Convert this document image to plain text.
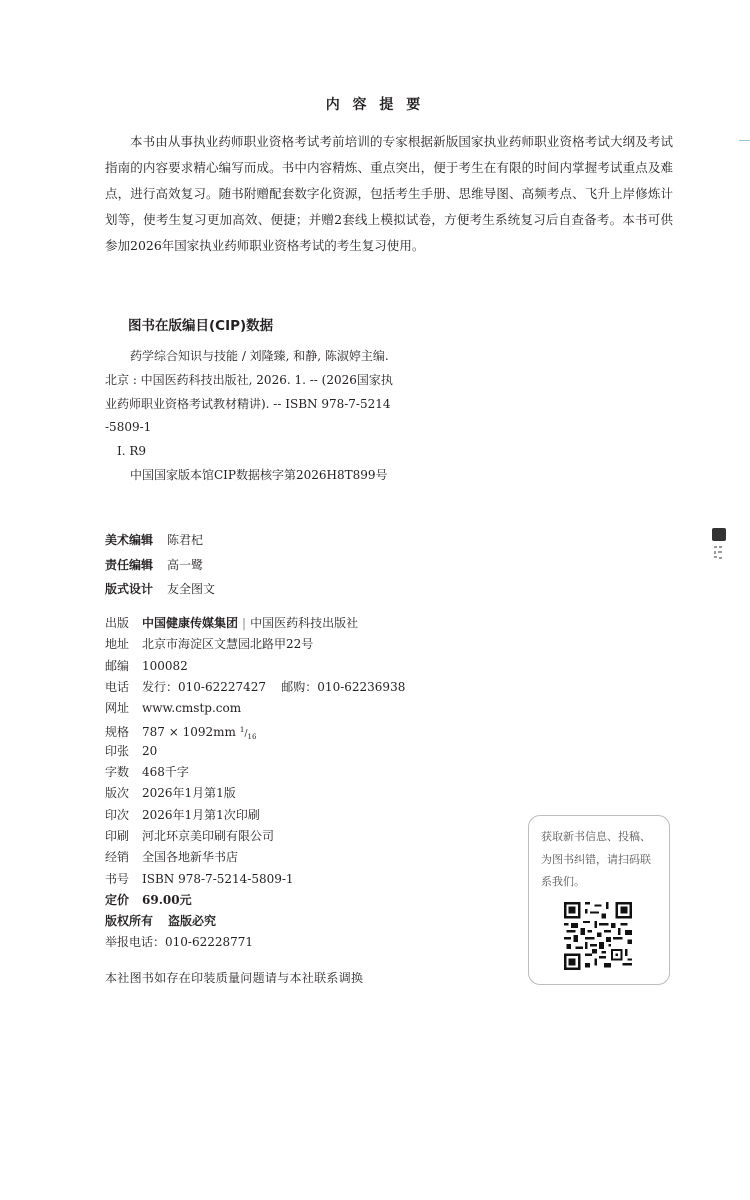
内 容 提 要

本书由从事执业药师职业资格考试考前培训的专家根据新版国家执业药师职业资格考试大纲及考试指南的内容要求精心编写而成。书中内容精炼、重点突出，便于考生在有限的时间内掌握考试重点及难点，进行高效复习。随书附赠配套数字化资源，包括考生手册、思维导图、高频考点、飞升上岸修炼计划等，使考生复习更加高效、便捷；并赠2套线上模拟试卷，方便考生系统复习后自查备考。本书可供参加2026年国家执业药师职业资格考试的考生复习使用。

图书在版编目(CIP)数据
药学综合知识与技能 / 刘隆臻, 和静, 陈淑婷主编.
北京 : 中国医药科技出版社, 2026. 1. -- (2026国家执
业药师职业资格考试教材精讲). -- ISBN 978-7-5214
-5809-1
Ⅰ. R9
中国国家版本馆CIP数据核字第2026H8T899号
美术编辑 陈君杞
责任编辑 高一鹭
版式设计 友全图文
出版 中国健康传媒集团 | 中国医药科技出版社
地址 北京市海淀区文慧园北路甲22号
邮编 100082
电话 发行：010-62227427    邮购：010-62236938
网址 www.cmstp.com
规格 787 × 1092mm $^1/_{16}$
印张 20
字数 468千字
版次 2026年1月第1版
印次 2026年1月第1次印刷
印刷 河北环京美印刷有限公司
经销 全国各地新华书店
书号 ISBN 978-7-5214-5809-1
定价 69.00元
版权所有 盗版必究
举报电话：010-62228771
本社图书如存在印装质量问题请与本社联系调换
获取新书信息、投稿、为图书纠错，请扫码联系我们。
